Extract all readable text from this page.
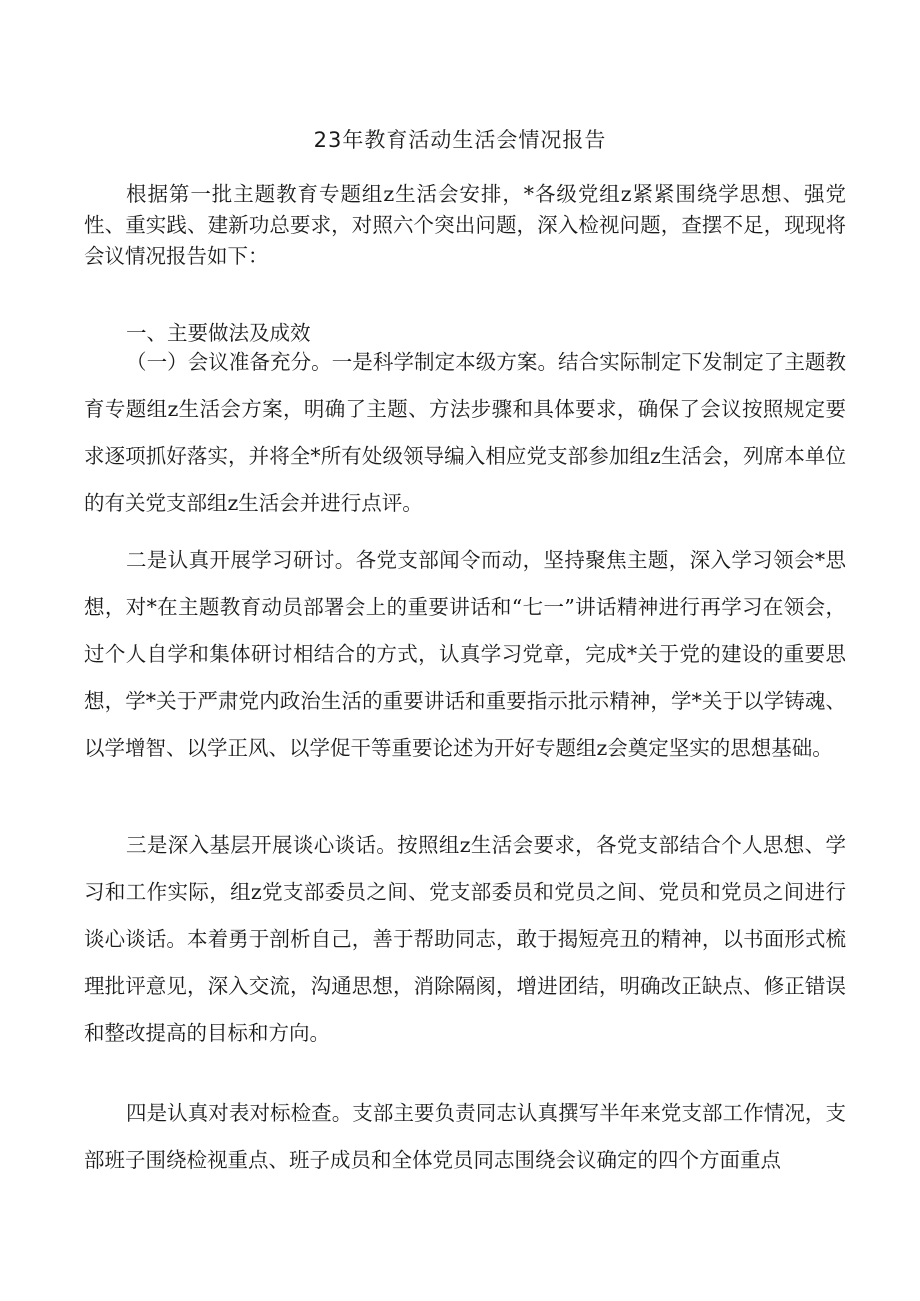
23年教育活动生活会情况报告

根据第一批主题教育专题组z生活会安排，*各级党组z紧紧围绕学思想、强党性、重实践、建新功总要求，对照六个突出问题，深入检视问题，查摆不足，现现将会议情况报告如下：

一、主要做法及成效

（一）会议准备充分。一是科学制定本级方案。结合实际制定下发制定了主题教育专题组z生活会方案，明确了主题、方法步骤和具体要求，确保了会议按照规定要求逐项抓好落实，并将全*所有处级领导编入相应党支部参加组z生活会，列席本单位的有关党支部组z生活会并进行点评。

二是认真开展学习研讨。各党支部闻令而动，坚持聚焦主题，深入学习领会*思想，对*在主题教育动员部署会上的重要讲话和“七一”讲话精神进行再学习在领会，过个人自学和集体研讨相结合的方式，认真学习党章，完成*关于党的建设的重要思想，学*关于严肃党内政治生活的重要讲话和重要指示批示精神，学*关于以学铸魂、以学增智、以学正风、以学促干等重要论述为开好专题组z会奠定坚实的思想基础。

三是深入基层开展谈心谈话。按照组z生活会要求，各党支部结合个人思想、学习和工作实际，组z党支部委员之间、党支部委员和党员之间、党员和党员之间进行谈心谈话。本着勇于剖析自己，善于帮助同志，敢于揭短亮丑的精神，以书面形式梳理批评意见，深入交流，沟通思想，消除隔阂，增进团结，明确改正缺点、修正错误和整改提高的目标和方向。

四是认真对表对标检查。支部主要负责同志认真撰写半年来党支部工作情况，支部班子围绕检视重点、班子成员和全体党员同志围绕会议确定的四个方面重点
